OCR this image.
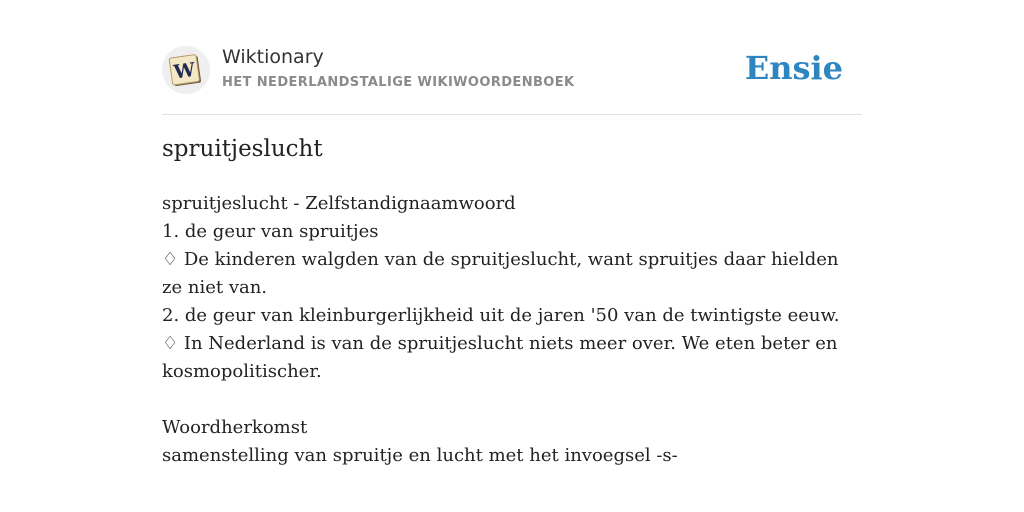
W
Wiktionary
HET NEDERLANDSTALIGE WIKIWOORDENBOEK	Ensie
spruitjeslucht

spruitjeslucht - Zelfstandignaamwoord

1. de geur van spruitjes

♢ De kinderen walgden van de spruitjeslucht, want spruitjes daar hielden ze niet van.

2. de geur van kleinburgerlijkheid uit de jaren '50 van de twintigste eeuw.

♢ In Nederland is van de spruitjeslucht niets meer over. We eten beter en kosmopolitischer.

Woordherkomst

samenstelling van spruitje en lucht met het invoegsel -s-
